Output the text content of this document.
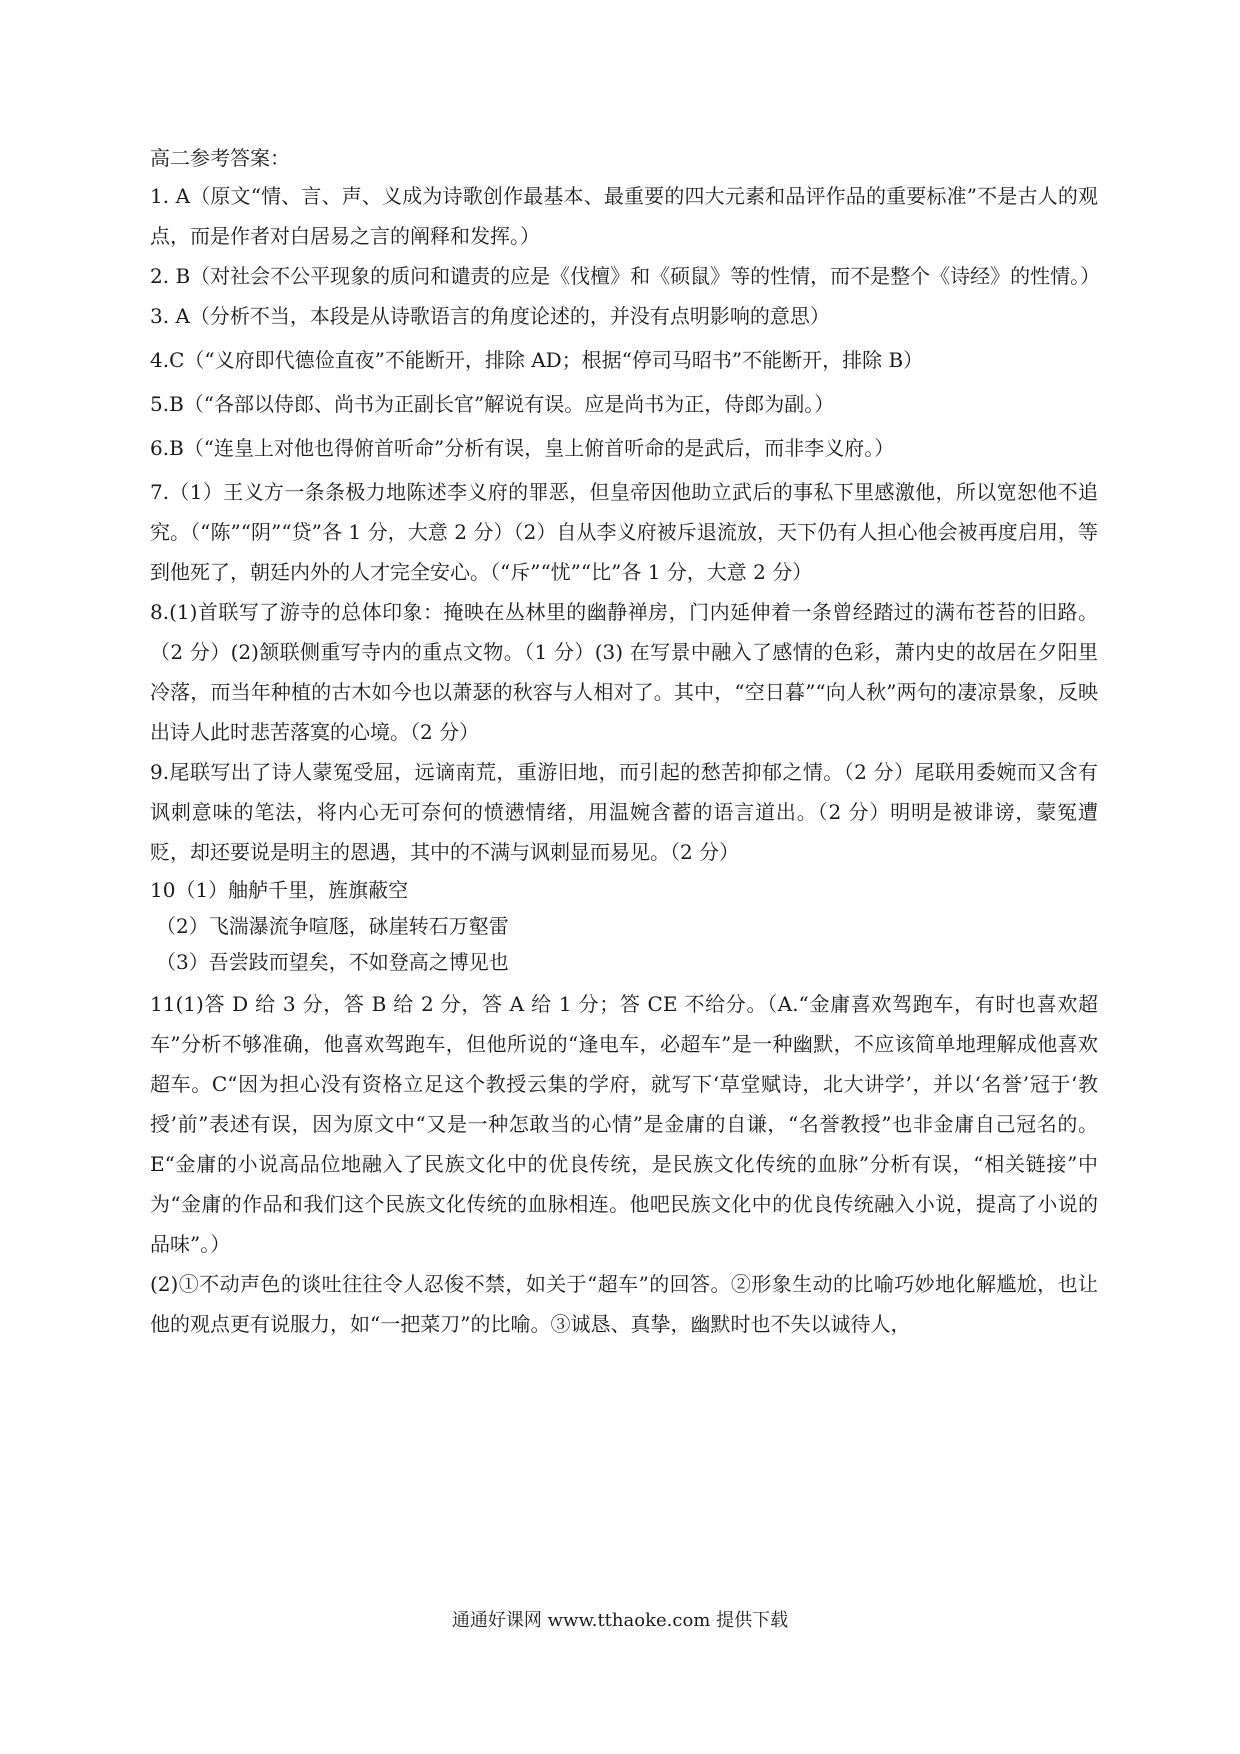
高二参考答案：

1. A（原文“情、言、声、义成为诗歌创作最基本、最重要的四大元素和品评作品的重要标准”不是古人的观点，而是作者对白居易之言的阐释和发挥。）

2. B（对社会不公平现象的质问和谴责的应是《伐檀》和《硕鼠》等的性情，而不是整个《诗经》的性情。）

3. A（分析不当，本段是从诗歌语言的角度论述的，并没有点明影响的意思）

4.C（“义府即代德俭直夜”不能断开，排除 AD；根据“停司马昭书”不能断开，排除 B）

5.B（“各部以侍郎、尚书为正副长官”解说有误。应是尚书为正，侍郎为副。）

6.B（“连皇上对他也得俯首听命”分析有误，皇上俯首听命的是武后，而非李义府。）

7.（1）王义方一条条极力地陈述李义府的罪恶，但皇帝因他助立武后的事私下里感激他，所以宽恕他不追究。（“陈”“阴”“贷”各 1 分，大意 2 分）（2）自从李义府被斥退流放，天下仍有人担心他会被再度启用，等到他死了，朝廷内外的人才完全安心。（“斥”“忧”“比”各 1 分，大意 2 分）

8.(1)首联写了游寺的总体印象：掩映在丛林里的幽静禅房，门内延伸着一条曾经踏过的满布苍苔的旧路。（2 分）(2)颔联侧重写寺内的重点文物。（1 分）(3) 在写景中融入了感情的色彩，萧内史的故居在夕阳里冷落，而当年种植的古木如今也以萧瑟的秋容与人相对了。其中，“空日暮”“向人秋”两句的凄凉景象，反映出诗人此时悲苦落寞的心境。（2 分）

9.尾联写出了诗人蒙冤受屈，远谪南荒，重游旧地，而引起的愁苦抑郁之情。（2 分）尾联用委婉而又含有讽刺意味的笔法，将内心无可奈何的愤懑情绪，用温婉含蓄的语言道出。（2 分）明明是被诽谤，蒙冤遭贬，却还要说是明主的恩遇，其中的不满与讽刺显而易见。（2 分）

10（1）舳舻千里，旌旗蔽空

（2）飞湍瀑流争喧豗，砯崖转石万壑雷

（3）吾尝跂而望矣，不如登高之博见也

11(1)答 D 给 3 分，答 B 给 2 分，答 A 给 1 分；答 CE 不给分。（A.“金庸喜欢驾跑车，有时也喜欢超车”分析不够准确，他喜欢驾跑车，但他所说的“逢电车，必超车”是一种幽默，不应该简单地理解成他喜欢超车。C“因为担心没有资格立足这个教授云集的学府，就写下‘草堂赋诗，北大讲学’，并以‘名誉’冠于‘教授’前”表述有误，因为原文中“又是一种怎敢当的心情”是金庸的自谦，“名誉教授”也非金庸自己冠名的。E“金庸的小说高品位地融入了民族文化中的优良传统，是民族文化传统的血脉”分析有误，“相关链接”中为“金庸的作品和我们这个民族文化传统的血脉相连。他吧民族文化中的优良传统融入小说，提高了小说的品味”。）

(2)①不动声色的谈吐往往令人忍俊不禁，如关于“超车”的回答。②形象生动的比喻巧妙地化解尴尬，也让他的观点更有说服力，如“一把菜刀”的比喻。③诚恳、真挚，幽默时也不失以诚待人，

通通好课网 www.tthaoke.com 提供下载
